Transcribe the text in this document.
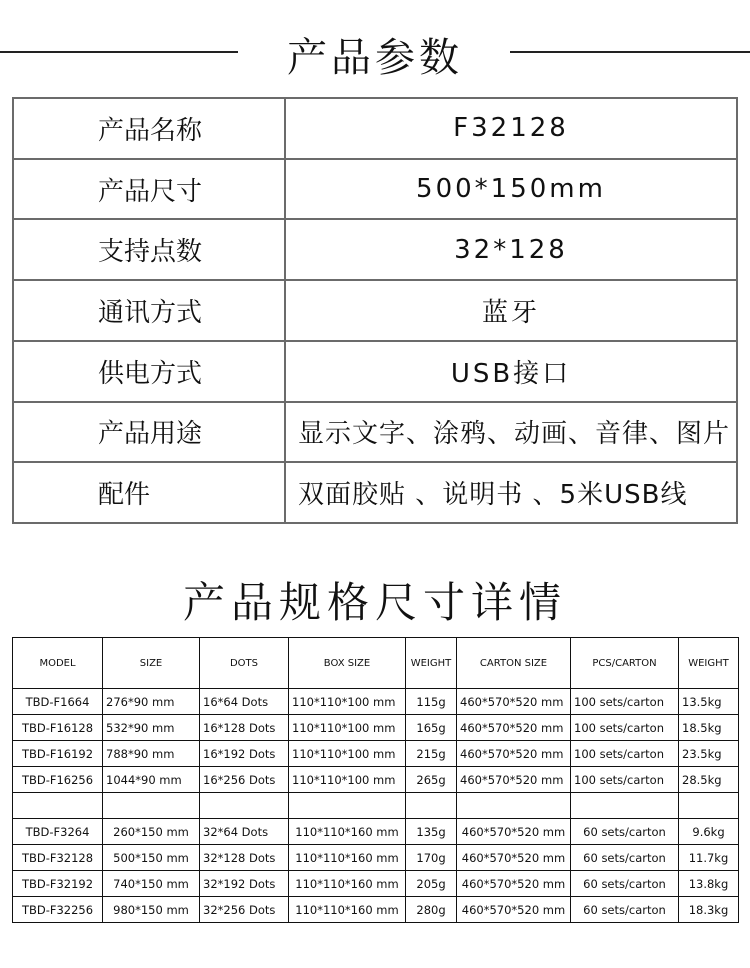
产品参数
产品名称	F32128
产品尺寸	500*150mm
支持点数	32*128
通讯方式	蓝牙
供电方式	USB接口
产品用途	显示文字、涂鸦、动画、音律、图片
配件	双面胶贴 、说明书 、5米USB线
产品规格尺寸详情
MODEL	SIZE	DOTS	BOX SIZE	WEIGHT	CARTON SIZE	PCS/CARTON	WEIGHT
TBD-F1664	276*90 mm	16*64 Dots	110*110*100 mm	115g	460*570*520 mm	100 sets/carton	13.5kg
TBD-F16128	532*90 mm	16*128 Dots	110*110*100 mm	165g	460*570*520 mm	100 sets/carton	18.5kg
TBD-F16192	788*90 mm	16*192 Dots	110*110*100 mm	215g	460*570*520 mm	100 sets/carton	23.5kg
TBD-F16256	1044*90 mm	16*256 Dots	110*110*100 mm	265g	460*570*520 mm	100 sets/carton	28.5kg

TBD-F3264	260*150 mm	32*64 Dots	110*110*160 mm	135g	460*570*520 mm	60 sets/carton	9.6kg
TBD-F32128	500*150 mm	32*128 Dots	110*110*160 mm	170g	460*570*520 mm	60 sets/carton	11.7kg
TBD-F32192	740*150 mm	32*192 Dots	110*110*160 mm	205g	460*570*520 mm	60 sets/carton	13.8kg
TBD-F32256	980*150 mm	32*256 Dots	110*110*160 mm	280g	460*570*520 mm	60 sets/carton	18.3kg
